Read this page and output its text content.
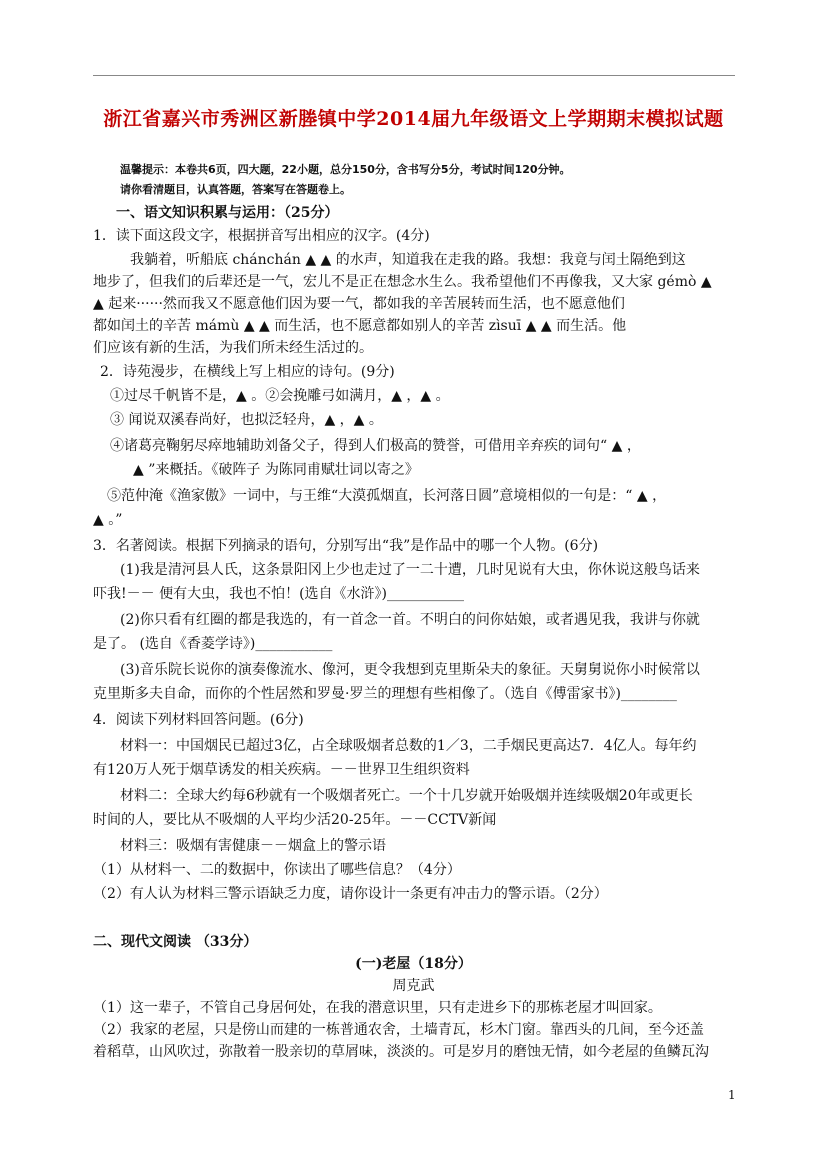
浙江省嘉兴市秀洲区新塍镇中学2014届九年级语文上学期期末模拟试题
温馨提示：本卷共6页，四大题，22小题，总分150分，含书写分5分，考试时间120分钟。
请你看清题目，认真答题，答案写在答题卷上。
一、语文知识积累与运用：（25分）
1．读下面这段文字，根据拼音写出相应的汉字。(4分)
我躺着，听船底 chánchán ▲ ▲ 的水声，知道我在走我的路。我想：我竟与闰土隔绝到这
地步了，但我们的后辈还是一气，宏儿不是正在想念水生么。我希望他们不再像我，又大家 gémò ▲
▲ 起来······然而我又不愿意他们因为要一气，都如我的辛苦展转而生活，也不愿意他们
都如闰土的辛苦 mámù ▲ ▲ 而生活，也不愿意都如别人的辛苦 zìsuī ▲ ▲ 而生活。他
们应该有新的生活，为我们所未经生活过的。
2．诗苑漫步，在横线上写上相应的诗句。(9分)
①过尽千帆皆不是，▲ 。②会挽雕弓如满月，▲ ，▲ 。
③ 闻说双溪春尚好，也拟泛轻舟，▲ ，▲ 。
④诸葛亮鞠躬尽瘁地辅助刘备父子，得到人们极高的赞誉，可借用辛弃疾的词句“ ▲ ，
▲ ”来概括。《破阵子 为陈同甫赋壮词以寄之》
⑤范仲淹《渔家傲》一词中，与王维“大漠孤烟直，长河落日圆”意境相似的一句是：“ ▲ ，
▲ 。”
3．名著阅读。根据下列摘录的语句，分别写出“我”是作品中的哪一个人物。(6分)
(1)我是清河县人氏，这条景阳冈上少也走过了一二十遭，几时见说有大虫，你休说这般鸟话来
吓我!－－ 便有大虫，我也不怕！(选自《水浒》)___________
(2)你只看有红圈的都是我选的，有一首念一首。不明白的问你姑娘，或者遇见我，我讲与你就
是了。 (选自《香菱学诗》)___________
(3)音乐院长说你的演奏像流水、像河，更令我想到克里斯朵夫的象征。天舅舅说你小时候常以
克里斯多夫自命，而你的个性居然和罗曼·罗兰的理想有些相像了。（选自《傅雷家书》)________
4．阅读下列材料回答问题。(6分)
材料一：中国烟民已超过3亿，占全球吸烟者总数的1／3，二手烟民更高达7．4亿人。每年约
有120万人死于烟草诱发的相关疾病。－－世界卫生组织资料
材料二：全球大约每6秒就有一个吸烟者死亡。一个十几岁就开始吸烟并连续吸烟20年或更长
时间的人，要比从不吸烟的人平均少活20-25年。－－CCTV新闻
材料三：吸烟有害健康－－烟盒上的警示语
（1）从材料一、二的数据中，你读出了哪些信息？（4分）
（2）有人认为材料三警示语缺乏力度，请你设计一条更有冲击力的警示语。（2分）
二、现代文阅读 （33分）
(一)老屋（18分）
周克武
（1）这一辈子，不管自己身居何处，在我的潜意识里，只有走进乡下的那栋老屋才叫回家。
（2）我家的老屋，只是傍山而建的一栋普通农舍，土墙青瓦，杉木门窗。靠西头的几间，至今还盖
着稻草，山风吹过，弥散着一股亲切的草屑味，淡淡的。可是岁月的磨蚀无情，如今老屋的鱼鳞瓦沟
1
